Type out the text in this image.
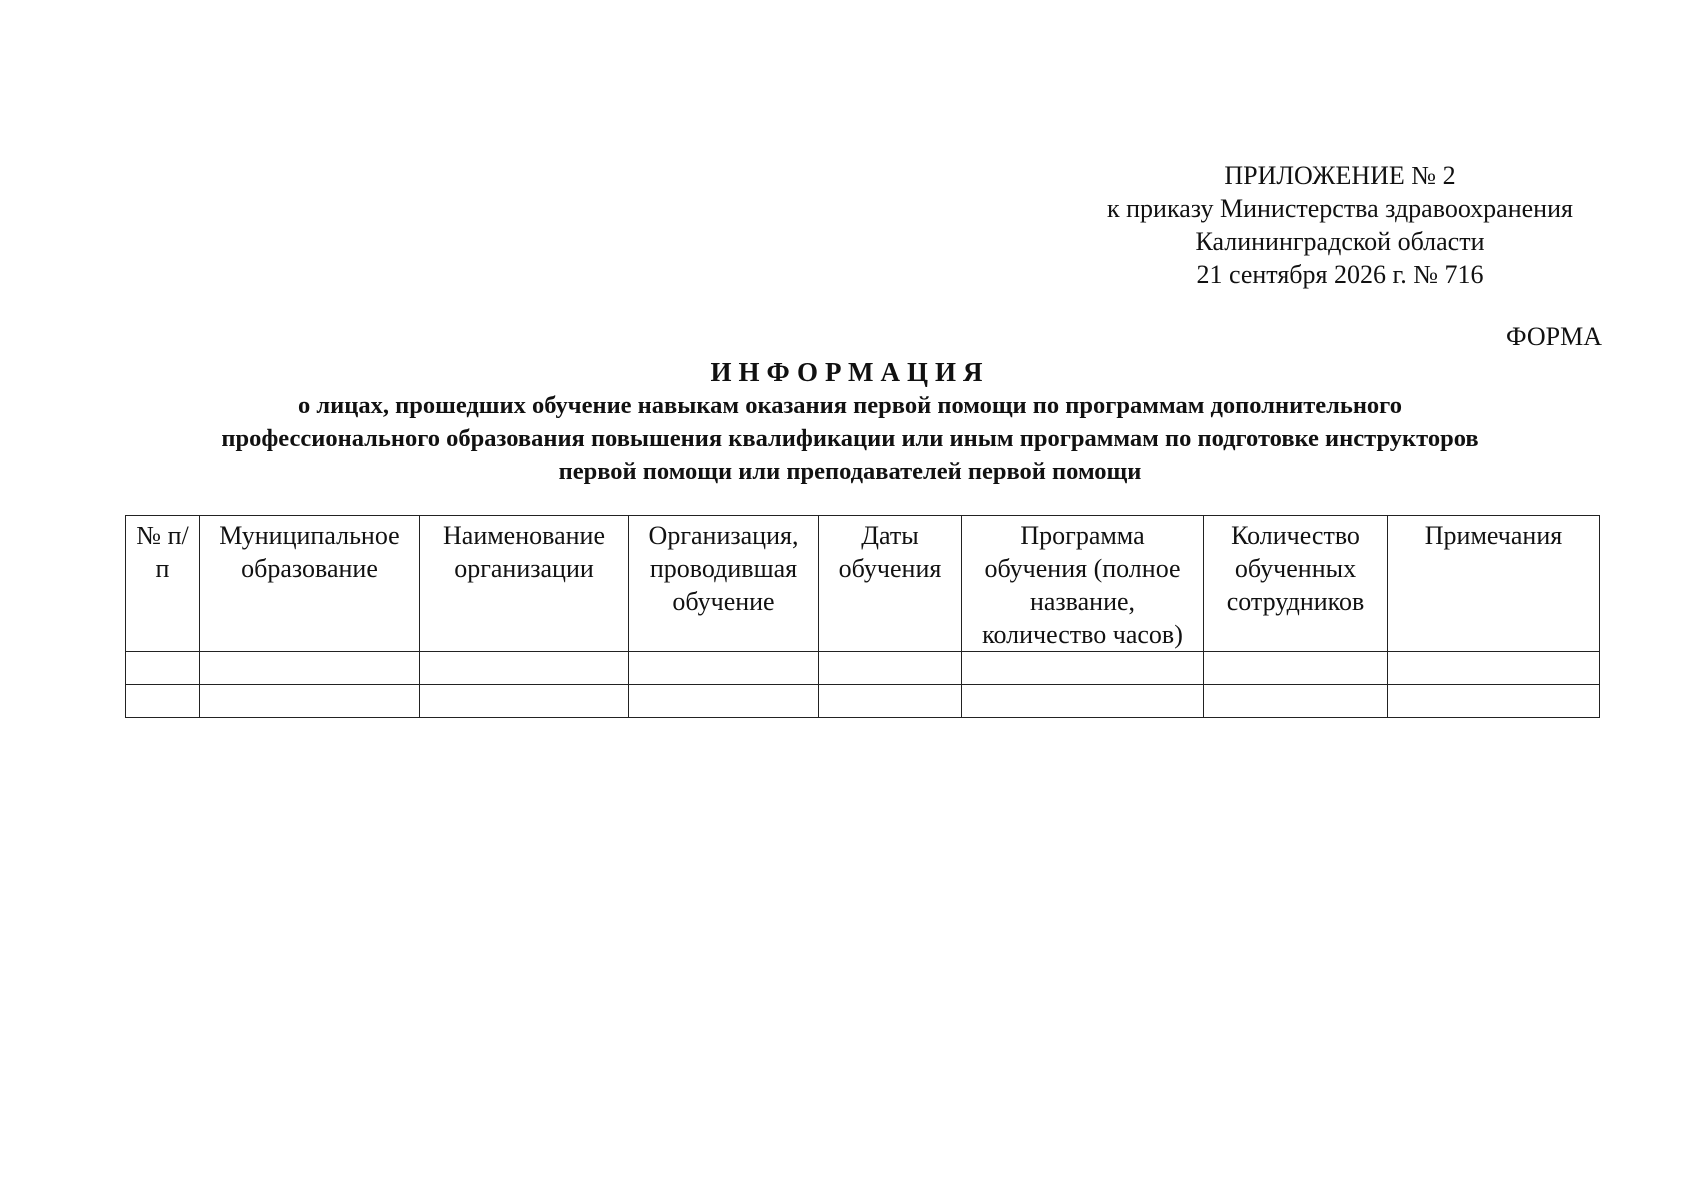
ПРИЛОЖЕНИЕ № 2
к приказу Министерства здравоохранения
Калининградской области
21 сентября 2026 г. № 716
ФОРМА
ИНФОРМАЦИЯ
о лицах, прошедших обучение навыкам оказания первой помощи по программам дополнительного
профессионального образования повышения квалификации или иным программам по подготовке инструкторов
первой помощи или преподавателей первой помощи
№ п/п	Муниципальное образование	Наименование организации	Организация, проводившая обучение	Даты обучения	Программа обучения (полное название, количество часов)	Количество обученных сотрудников	Примечания
